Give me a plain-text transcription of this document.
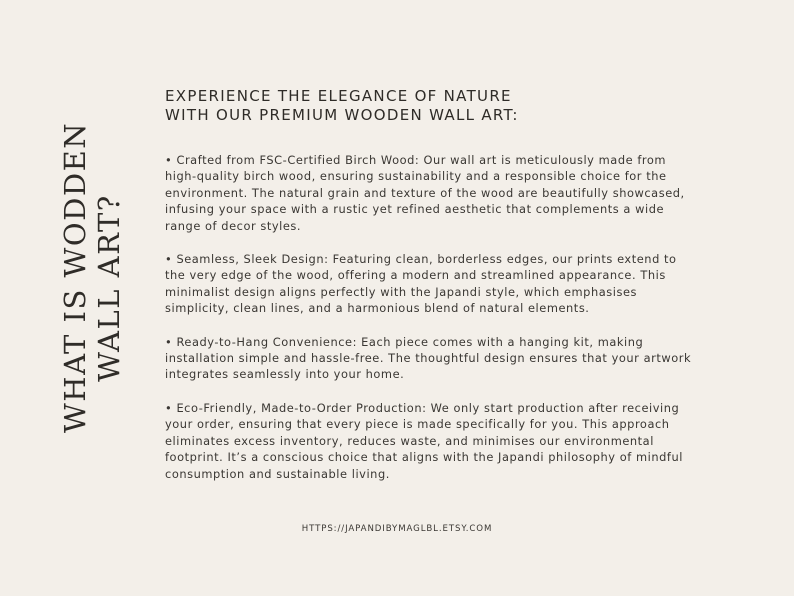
WHAT IS WODDEN WALL ART?
EXPERIENCE THE ELEGANCE OF NATURE
WITH OUR PREMIUM WOODEN WALL ART:

• Crafted from FSC-Certified Birch Wood: Our wall art is meticulously made from high-quality birch wood, ensuring sustainability and a responsible choice for the environment. The natural grain and texture of the wood are beautifully showcased, infusing your space with a rustic yet refined aesthetic that complements a wide range of decor styles.

• Seamless, Sleek Design: Featuring clean, borderless edges, our prints extend to the very edge of the wood, offering a modern and streamlined appearance. This minimalist design aligns perfectly with the Japandi style, which emphasises simplicity, clean lines, and a harmonious blend of natural elements.

• Ready-to-Hang Convenience: Each piece comes with a hanging kit, making installation simple and hassle-free. The thoughtful design ensures that your artwork integrates seamlessly into your home.

• Eco-Friendly, Made-to-Order Production: We only start production after receiving your order, ensuring that every piece is made specifically for you. This approach eliminates excess inventory, reduces waste, and minimises our environmental footprint. It’s a conscious choice that aligns with the Japandi philosophy of mindful consumption and sustainable living.

HTTPS://JAPANDIBYMAGLBL.ETSY.COM
